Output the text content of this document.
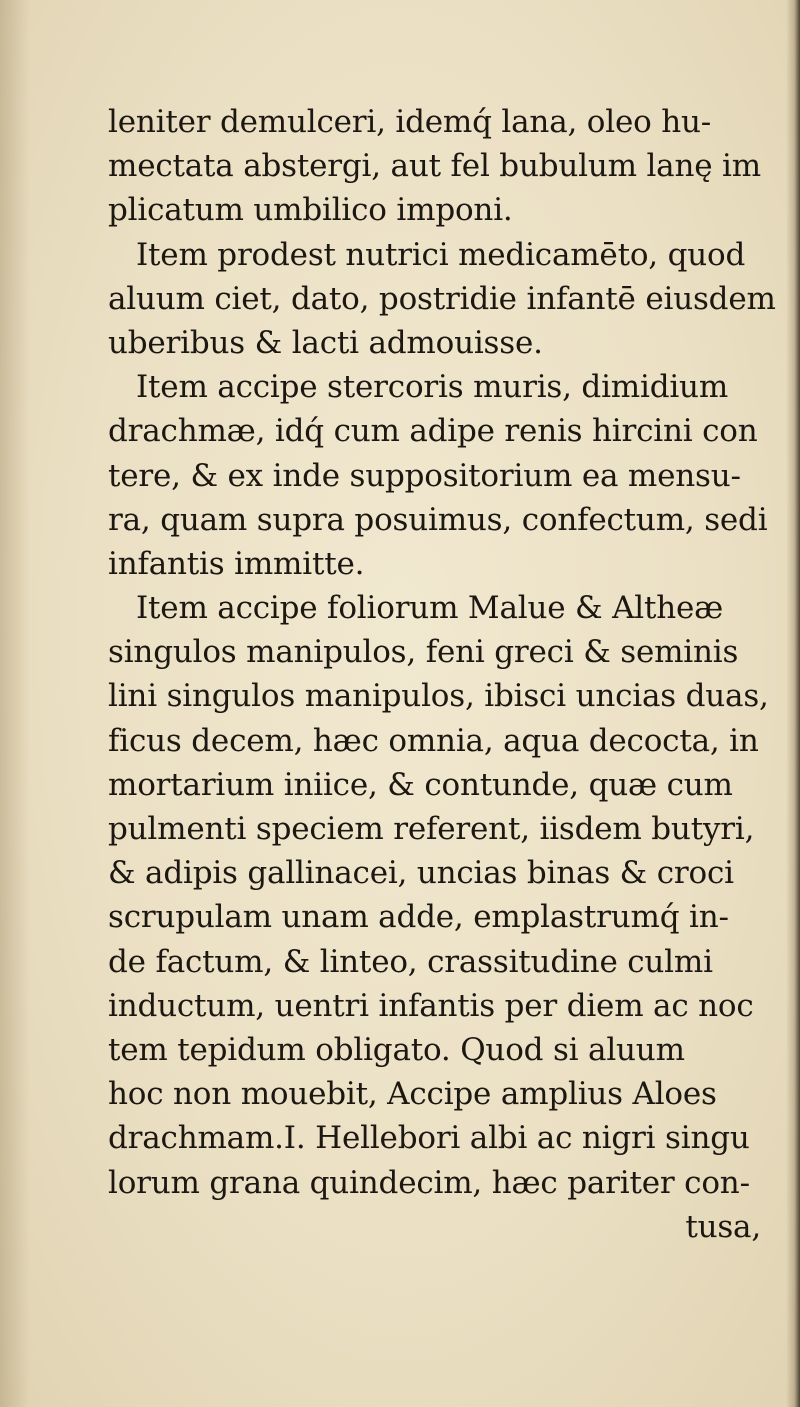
leniter demulceri, idemq́ lana, oleo hu-
mectata abstergi, aut fel bubulum lanę im
plicatum umbilico imponi.
Item prodest nutrici medicamēto, quod
aluum ciet, dato, postridie infantē eiusdem
uberibus & lacti admouisse.
Item accipe stercoris muris, dimidium
drachmæ, idq́ cum adipe renis hircini con
tere, & ex inde suppositorium ea mensu-
ra, quam supra posuimus, confectum, sedi
infantis immitte.
Item accipe foliorum Malue & Altheæ
singulos manipulos, feni greci & seminis
lini singulos manipulos, ibisci uncias duas,
ficus decem, hæc omnia, aqua decocta, in
mortarium iniice, & contunde, quæ cum
pulmenti speciem referent, iisdem butyri,
& adipis gallinacei, uncias binas & croci
scrupulam unam adde, emplastrumq́ in-
de factum, & linteo, crassitudine culmi
inductum, uentri infantis per diem ac noc
tem tepidum obligato. Quod si aluum
hoc non mouebit, Accipe amplius Aloes
drachmam.I. Hellebori albi ac nigri singu
lorum grana quindecim, hæc pariter con-
tusa,
